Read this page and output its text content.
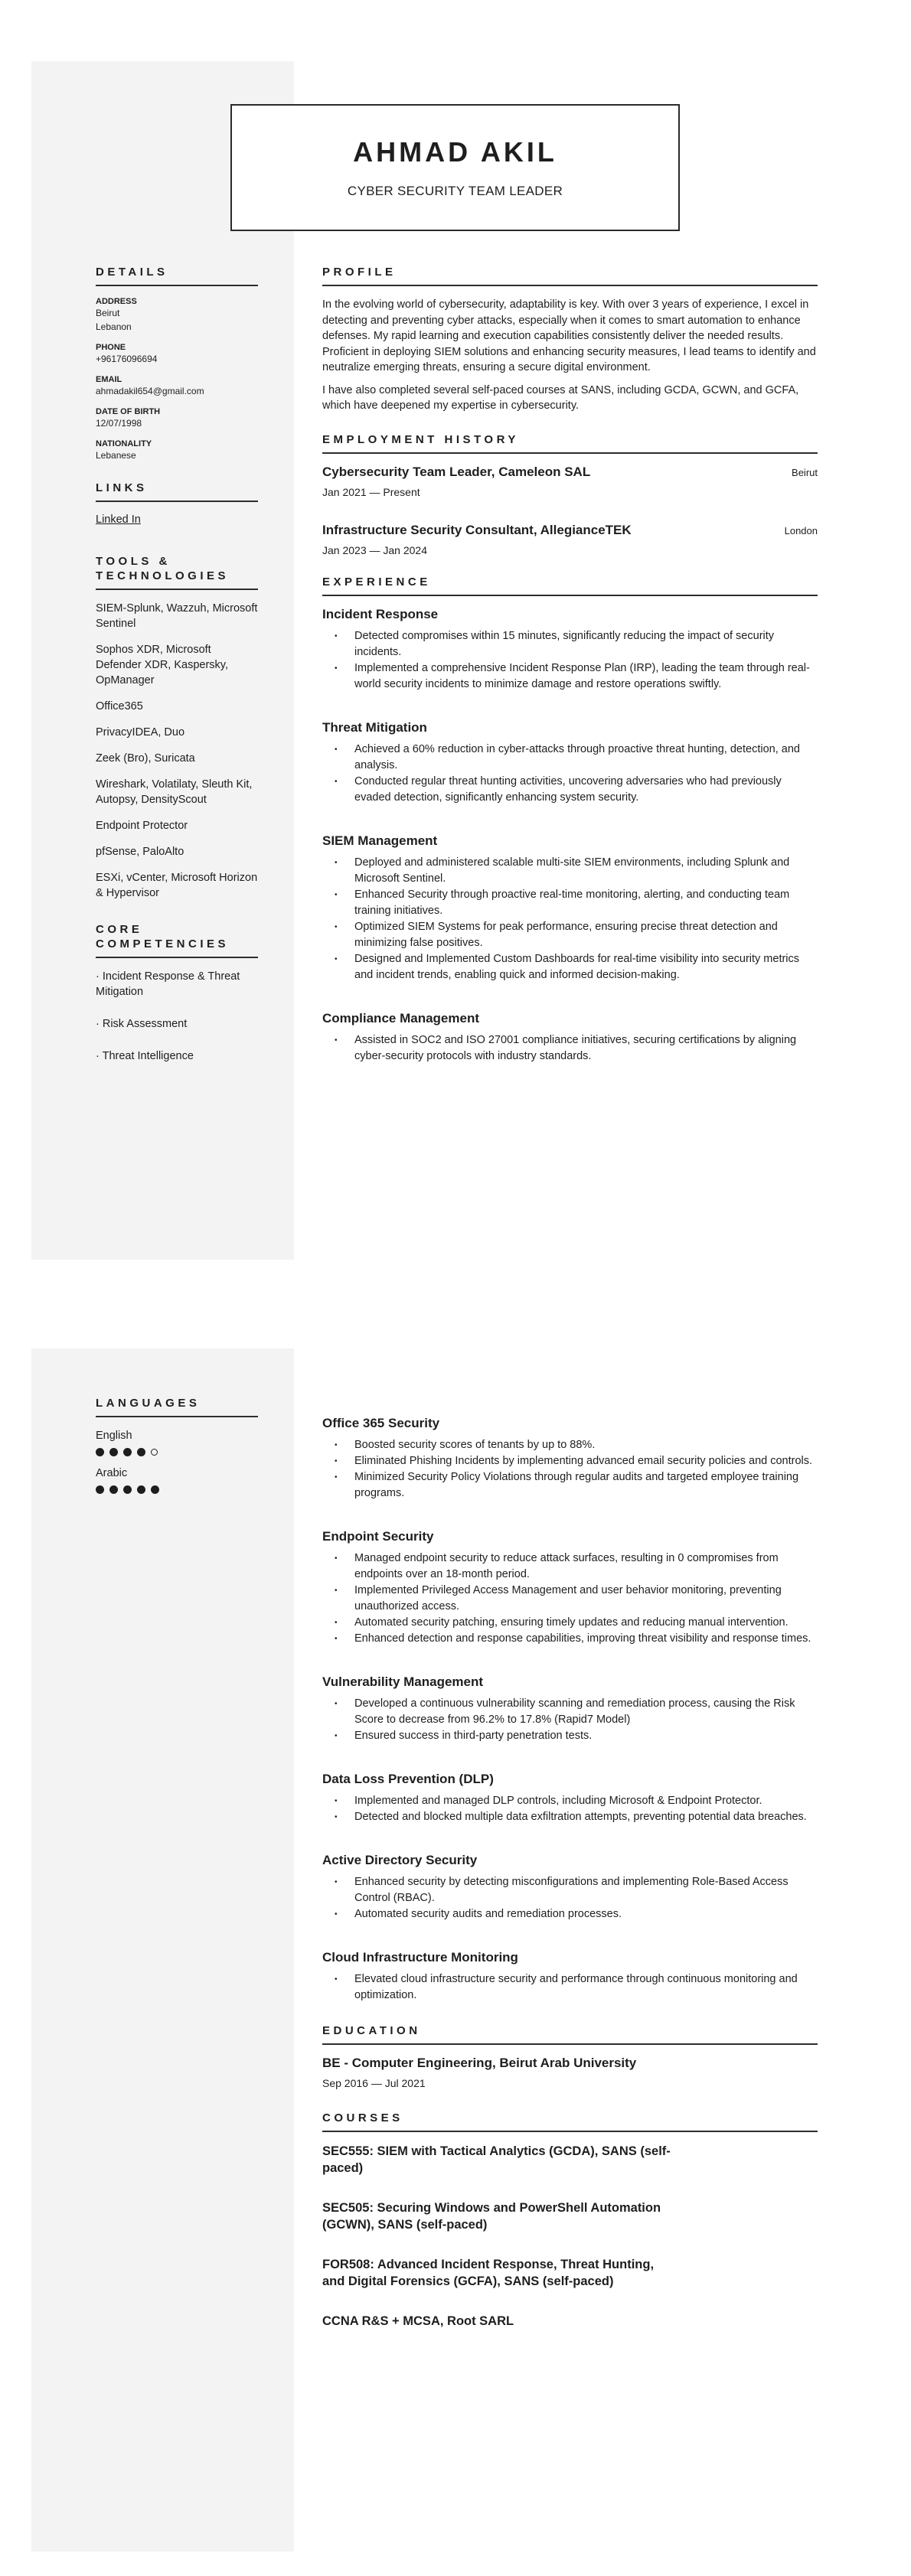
AHMAD AKIL
CYBER SECURITY TEAM LEADER
DETAILS
ADDRESS
Beirut
Lebanon
PHONE
+96176096694
EMAIL
ahmadakil654@gmail.com
DATE OF BIRTH
12/07/1998
NATIONALITY
Lebanese
LINKS
Linked In
TOOLS & TECHNOLOGIES
SIEM-Splunk, Wazzuh, Microsoft Sentinel
Sophos XDR, Microsoft Defender XDR, Kaspersky, OpManager
Office365
PrivacyIDEA, Duo
Zeek (Bro), Suricata
Wireshark, Volatilaty, Sleuth Kit, Autopsy, DensityScout
Endpoint Protector
pfSense, PaloAlto
ESXi, vCenter, Microsoft Horizon & Hypervisor
CORE COMPETENCIES
· Incident Response & Threat Mitigation
· Risk Assessment
· Threat Intelligence
PROFILE

In the evolving world of cybersecurity, adaptability is key. With over 3 years of experience, I excel in detecting and preventing cyber attacks, especially when it comes to smart automation to enhance defenses. My rapid learning and execution capabilities consistently deliver the needed results. Proficient in deploying SIEM solutions and enhancing security measures, I lead teams to identify and neutralize emerging threats, ensuring a secure digital environment.

I have also completed several self-paced courses at SANS, including GCDA, GCWN, and GCFA, which have deepened my expertise in cybersecurity.

EMPLOYMENT HISTORY
Cybersecurity Team Leader, Cameleon SAL	Beirut
Jan 2021 — Present
Infrastructure Security Consultant, AllegianceTEK	London
Jan 2023 — Jan 2024
EXPERIENCE
Incident Response
• Detected compromises within 15 minutes, significantly reducing the impact of security incidents.
• Implemented a comprehensive Incident Response Plan (IRP), leading the team through real-world security incidents to minimize damage and restore operations swiftly.
Threat Mitigation
• Achieved a 60% reduction in cyber-attacks through proactive threat hunting, detection, and analysis.
• Conducted regular threat hunting activities, uncovering adversaries who had previously evaded detection, significantly enhancing system security.
SIEM Management
• Deployed and administered scalable multi-site SIEM environments, including Splunk and Microsoft Sentinel.
• Enhanced Security through proactive real-time monitoring, alerting, and conducting team training initiatives.
• Optimized SIEM Systems for peak performance, ensuring precise threat detection and minimizing false positives.
• Designed and Implemented Custom Dashboards for real-time visibility into security metrics and incident trends, enabling quick and informed decision-making.
Compliance Management
• Assisted in SOC2 and ISO 27001 compliance initiatives, securing certifications by aligning cyber-security protocols with industry standards.
LANGUAGES
English
Arabic
Office 365 Security
• Boosted security scores of tenants by up to 88%.
• Eliminated Phishing Incidents by implementing advanced email security policies and controls.
• Minimized Security Policy Violations through regular audits and targeted employee training programs.
Endpoint Security
• Managed endpoint security to reduce attack surfaces, resulting in 0 compromises from endpoints over an 18-month period.
• Implemented Privileged Access Management and user behavior monitoring, preventing unauthorized access.
• Automated security patching, ensuring timely updates and reducing manual intervention.
• Enhanced detection and response capabilities, improving threat visibility and response times.
Vulnerability Management
• Developed a continuous vulnerability scanning and remediation process, causing the Risk Score to decrease from 96.2% to 17.8% (Rapid7 Model)
• Ensured success in third-party penetration tests.
Data Loss Prevention (DLP)
• Implemented and managed DLP controls, including Microsoft & Endpoint Protector.
• Detected and blocked multiple data exfiltration attempts, preventing potential data breaches.
Active Directory Security
• Enhanced security by detecting misconfigurations and implementing Role-Based Access Control (RBAC).
• Automated security audits and remediation processes.
Cloud Infrastructure Monitoring
• Elevated cloud infrastructure security and performance through continuous monitoring and optimization.
EDUCATION
BE - Computer Engineering, Beirut Arab University
Sep 2016 — Jul 2021
COURSES
SEC555: SIEM with Tactical Analytics (GCDA), SANS (self-paced)
SEC505: Securing Windows and PowerShell Automation (GCWN), SANS (self-paced)
FOR508: Advanced Incident Response, Threat Hunting, and Digital Forensics (GCFA), SANS (self-paced)
CCNA R&S + MCSA, Root SARL
